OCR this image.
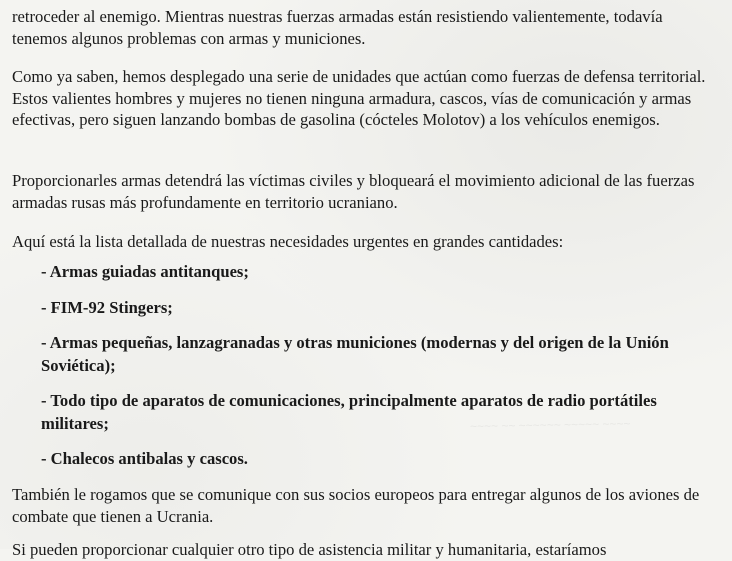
~~~~ ~~ ~~~~~~ ~~~~~ ~~~~

retroceder al enemigo. Mientras nuestras fuerzas armadas están resistiendo valientemente, todavía tenemos algunos problemas con armas y municiones.

Como ya saben, hemos desplegado una serie de unidades que actúan como fuerzas de defensa territorial. Estos valientes hombres y mujeres no tienen ninguna armadura, cascos, vías de comunicación y armas efectivas, pero siguen lanzando bombas de gasolina (cócteles Molotov) a los vehículos enemigos.

Proporcionarles armas detendrá las víctimas civiles y bloqueará el movimiento adicional de las fuerzas armadas rusas más profundamente en territorio ucraniano.

Aquí está la lista detallada de nuestras necesidades urgentes en grandes cantidades:

- Armas guiadas antitanques;

- FIM-92 Stingers;

- Armas pequeñas, lanzagranadas y otras municiones (modernas y del origen de la Unión Soviética);

- Todo tipo de aparatos de comunicaciones, principalmente aparatos de radio portátiles militares;

- Chalecos antibalas y cascos.

También le rogamos que se comunique con sus socios europeos para entregar algunos de los aviones de combate que tienen a Ucrania.

Si pueden proporcionar cualquier otro tipo de asistencia militar y humanitaria, estaríamos
